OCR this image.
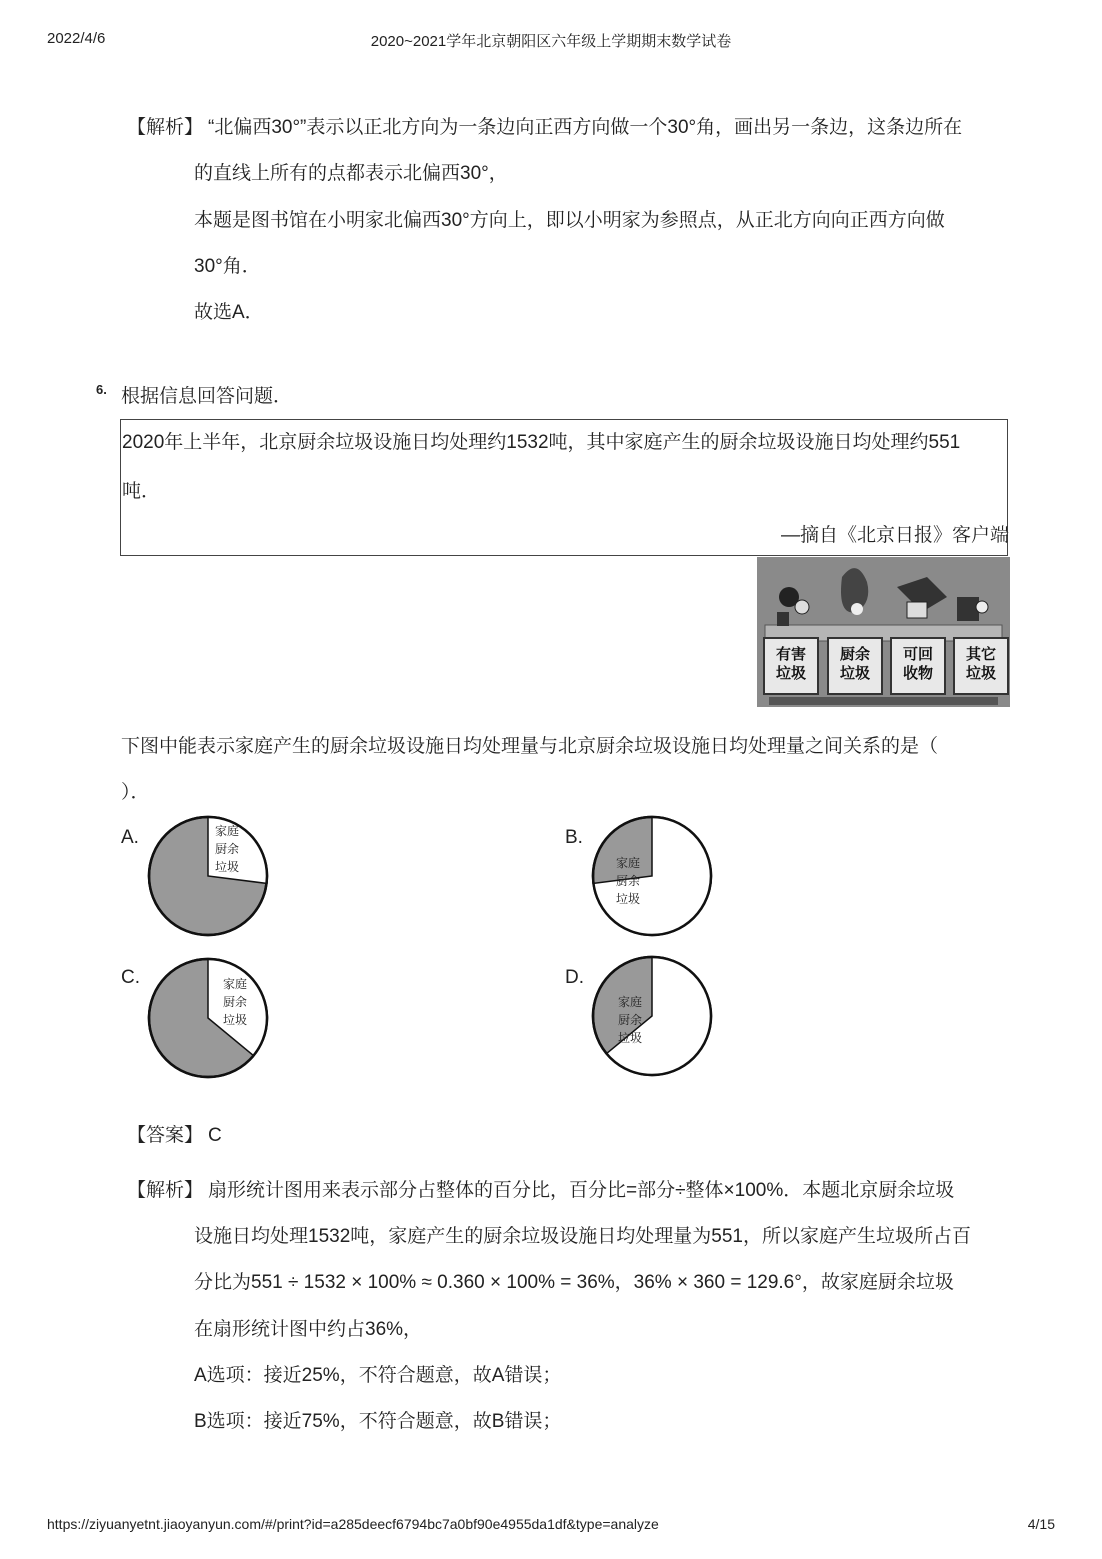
2022/4/6	2020~2021学年北京朝阳区六年级上学期期末数学试卷
【解析】 “北偏西30°”表示以正北方向为一条边向正西方向做一个30°角，画出另一条边，这条边所在
的直线上所有的点都表示北偏西30°，
本题是图书馆在小明家北偏西30°方向上，即以小明家为参照点，从正北方向向正西方向做
30°角．
故选A．
6. 根据信息回答问题．
2020年上半年，北京厨余垃圾设施日均处理约1532吨，其中家庭产生的厨余垃圾设施日均处理约551
吨．
—摘自《北京日报》客户端
有害
垃圾
厨余
垃圾
可回
收物
其它
垃圾
下图中能表示家庭产生的厨余垃圾设施日均处理量与北京厨余垃圾设施日均处理量之间关系的是（
）．
A.	B.
C.	D.
家庭
厨余
垃圾	家庭
厨余
垃圾
家庭
厨余
垃圾
家庭
厨余
垃圾
【答案】 C
【解析】 扇形统计图用来表示部分占整体的百分比，百分比=部分÷整体×100%．本题北京厨余垃圾
设施日均处理1532吨，家庭产生的厨余垃圾设施日均处理量为551，所以家庭产生垃圾所占百
分比为551 ÷ 1532 × 100% ≈ 0.360 × 100% = 36%，36% × 360 = 129.6°，故家庭厨余垃圾
在扇形统计图中约占36%，
A选项：接近25%，不符合题意，故A错误；
B选项：接近75%，不符合题意，故B错误；
https://ziyuanyetnt.jiaoyanyun.com/#/print?id=a285deecf6794bc7a0bf90e4955da1df&type=analyze	4/15
